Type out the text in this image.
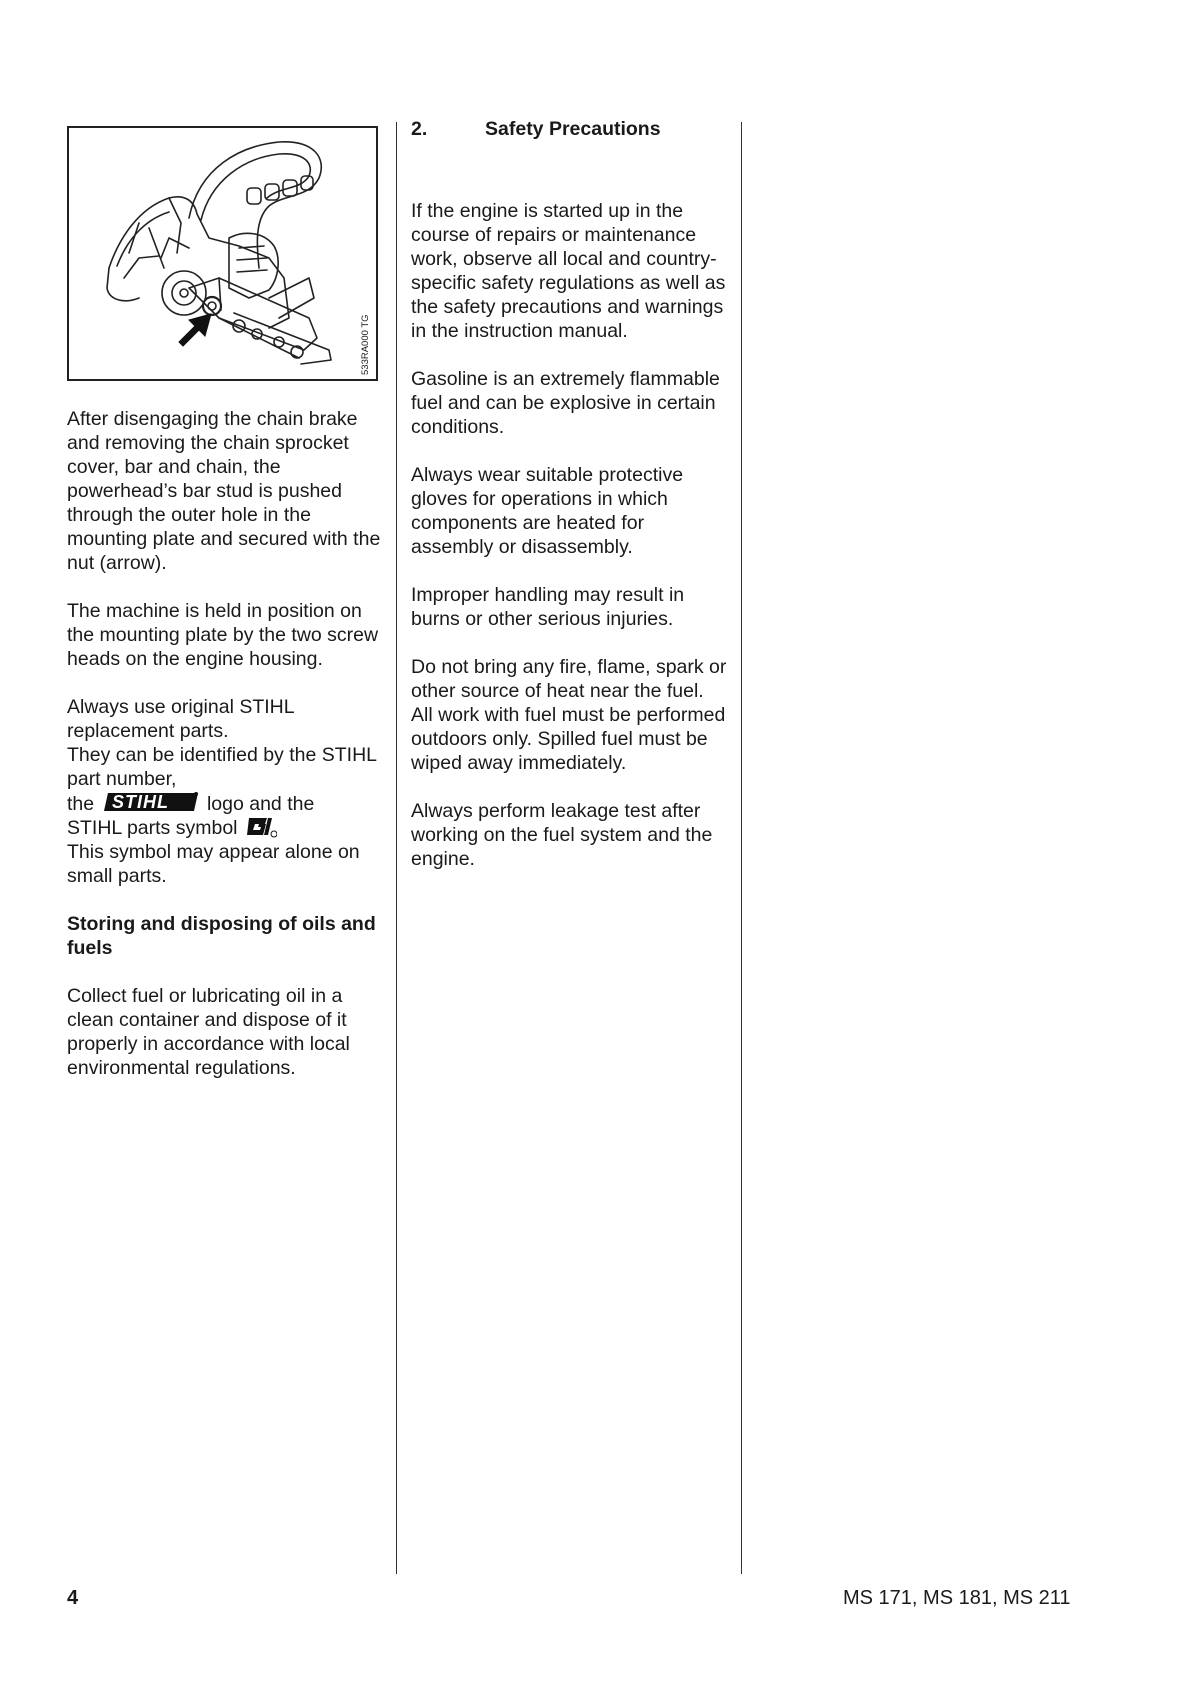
533RA000 TG

After disengaging the chain brake and removing the chain sprocket cover, bar and chain, the powerhead’s bar stud is pushed through the outer hole in the mounting plate and secured with the nut (arrow).

The machine is held in position on the mounting plate by the two screw heads on the engine housing.

Always use original STIHL replacement parts.
They can be identified by the STIHL part number,
the STIHL logo and the
STIHL parts symbol
This symbol may appear alone on small parts.

Storing and disposing of oils and fuels

Collect fuel or lubricating oil in a clean container and dispose of it properly in accordance with local environmental regulations.

2.	Safety Precautions

If the engine is started up in the course of repairs or maintenance work, observe all local and country-specific safety regulations as well as the safety precautions and warnings in the instruction manual.

Gasoline is an extremely flammable fuel and can be explosive in certain conditions.

Always wear suitable protective gloves for operations in which components are heated for assembly or disassembly.

Improper handling may result in burns or other serious injuries.

Do not bring any fire, flame, spark or other source of heat near the fuel. All work with fuel must be performed outdoors only. Spilled fuel must be wiped away immediately.

Always perform leakage test after working on the fuel system and the engine.

4	MS 171, MS 181, MS 211
